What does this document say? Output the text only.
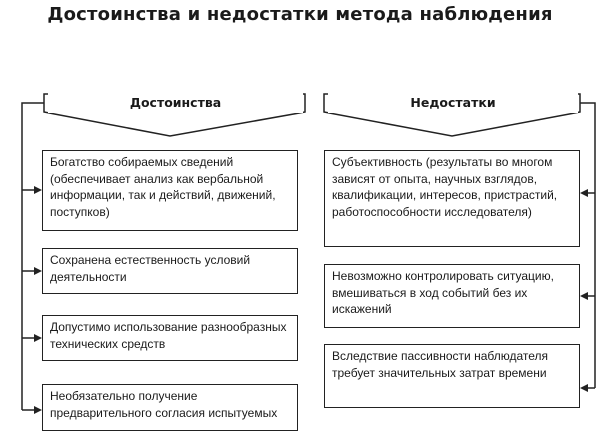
Достоинства и недостатки метода наблюдения
Достоинства	Недостатки
Богатство собираемых сведений (обеспечивает анализ как вербальной информации, так и действий, движений, поступков)
Сохранена естественность условий деятельности
Допустимо использование разнообразных технических средств
Необязательно получение предварительного согласия испытуемых
Субъективность (результаты во многом зависят от опыта, научных взглядов, квалификации, интересов, пристрастий, работоспособности исследователя)
Невозможно контролировать ситуацию, вмешиваться в ход событий без их искажений
Вследствие пассивности наблюдателя требует значительных затрат времени
